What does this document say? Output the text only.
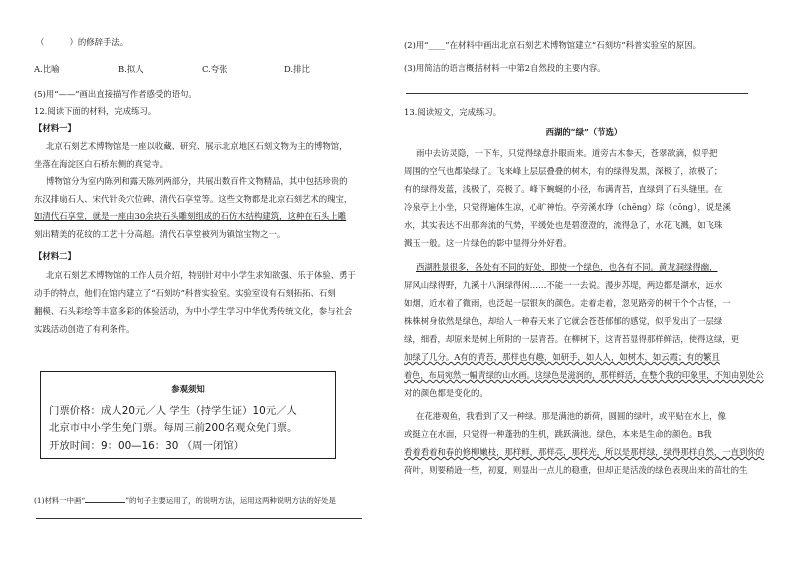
（　　　）的修辞手法。
A.比喻	B.拟人	C.夸张	D.排比
(5)用“——”画出直接描写作者感受的语句。
12.阅读下面的材料，完成练习。
【材料一】
北京石刻艺术博物馆是一座以收藏、研究、展示北京地区石刻文物为主的博物馆，
坐落在海淀区白石桥东侧的真觉寺。
博物馆分为室内陈列和露天陈列两部分，共展出数百件文物精品，其中包括珍贵的
东汉排扇石人、宋代针灸穴位碑、清代石享堂等。这些文物都是北京石刻艺术的瑰宝，
如清代石享堂，就是一座由30余块石头雕刻组成的石仿木结构建筑，这种在石头上雕
刻出精美的花纹的工艺十分高超。清代石享堂被列为镇馆宝物之一。
【材料二】
北京石刻艺术博物馆的工作人员介绍，特别针对中小学生求知欲强、乐于体验、勇于
动手的特点，他们在馆内建立了“石刻坊”科普实验室。实验室设有石刻拓拓、石刻
翻模、石头彩绘等丰富多彩的体验活动，为中小学生学习中华优秀传统文化，参与社会
实践活动创造了有利条件。
参观须知
门票价格：成人20元／人 学生（持学生证）10元／人
北京市中小学生免门票。每周三前200名观众免门票。
开放时间：9：00—16：30 （周一闭馆）
(1)材料一中画“	”的句子主要运用了，的说明方法，运用这两种说明方法的好处是
(2)用“____”在材料中画出北京石刻艺术博物馆建立“石刻坊”科普实验室的原因。
(3)用简洁的语言概括材料一中第2自然段的主要内容。
13.阅读短文，完成练习。
西湖的“绿”（节选）
雨中去访灵隐，一下车，只觉得绿意扑眼而来。道旁古木参天，苍翠欲滴，似乎把
周围的空气也都染绿了。飞来峰上层层叠叠的树木，有的绿得发黑，深极了，浓极了；
有的绿得发蓝，浅极了，亮极了。峰下蜿蜒的小径，布满青苔，直绿到了石头缝里。在
冷泉亭上小坐，只觉得遍体生凉，心旷神怡。亭旁溪水琤（chēng）琮（cōng），说是溪
水，其实表达不出那奔流的气势，平缓处也是碧澄澄的，流得急了，水花飞溅，如飞珠
溅玉一般。这一片绿色的影中显得分外好看。
西湖胜景很多，各处有不同的好处，即使一个绿色，也各有不同。黄龙洞绿得幽，
屏风山绿得野，九溪十八涧绿得闲……不能一一去说。漫步苏堤，两边都是湖水，远水
如烟，近水着了微雨，也泛起一层银灰的颜色。走着走着，忽见路旁的树干个个古怪，一
株株树身依然是绿色，却给人一种春天来了它就会苍苍郁郁的感觉，似乎发出了一层绿
绿，细看，却原来是树上所附的一层青苔。在柳树下，这青苔显得那样鲜活，使得这绿，更
加绿了几分。A有的青苔，那样也有趣，如研手，如人人，如树木，如云霞；有的繁且
着色，布局宛然一幅青绿的山水画。这绿色是滋润的，那样鲜活，在整个我的印象里，不知由别处公
对的颜色都是变化的。
在花港观鱼，我看到了又一种绿。那是满池的新荷，圆圆的绿叶，或平贴在水上，像
或挺立在水面，只觉得一种蓬勃的生机，跳跃满池。绿色，本来是生命的颜色。B我
看着看着和春的修柳嫩枝，那样鲜，那样亮，那样光，所以是那样绿，绿得那样自然，一直到你的
荷叶，则要稍逊一些，初夏，则显出一点儿的稳重，但却正是活泼的绿色表现出来的苗壮的生
